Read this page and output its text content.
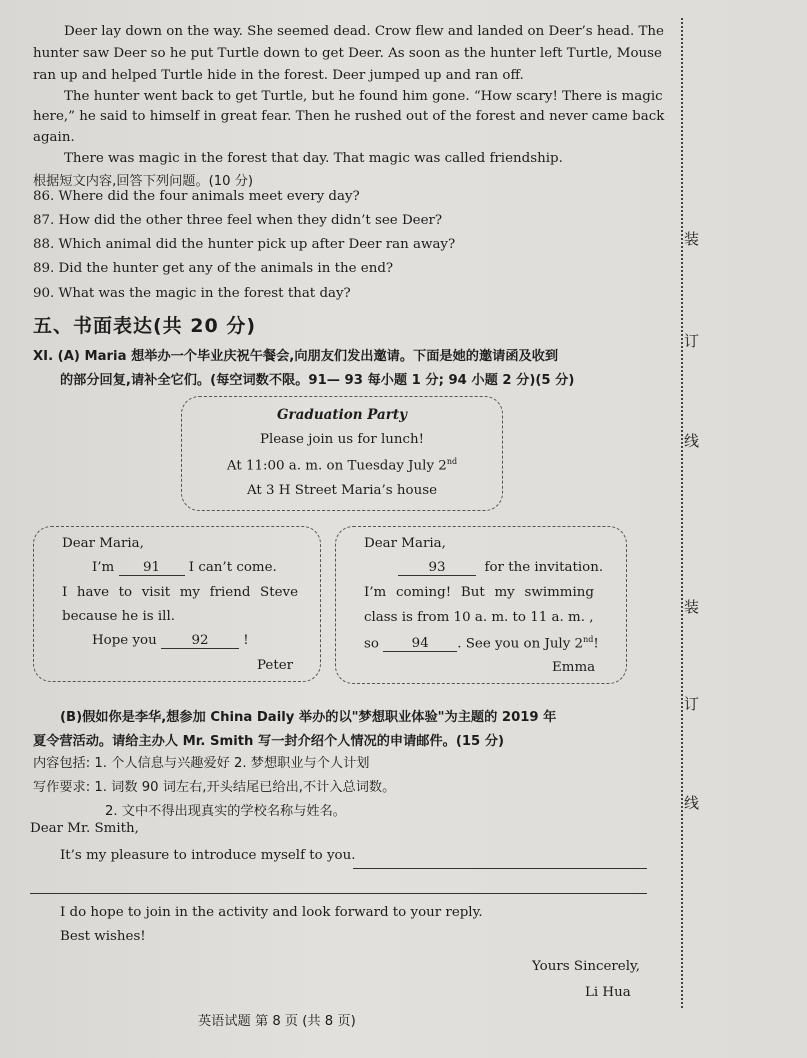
Deer lay down on the way. She seemed dead. Crow flew and landed on Deer’s head. The
hunter saw Deer so he put Turtle down to get Deer. As soon as the hunter left Turtle, Mouse
ran up and helped Turtle hide in the forest. Deer jumped up and ran off.
The hunter went back to get Turtle, but he found him gone. “How scary! There is magic
here,” he said to himself in great fear. Then he rushed out of the forest and never came back
again.
There was magic in the forest that day. That magic was called friendship.
根据短文内容,回答下列问题。(10 分)
86. Where did the four animals meet every day?
87. How did the other three feel when they didn’t see Deer?
88. Which animal did the hunter pick up after Deer ran away?
89. Did the hunter get any of the animals in the end?
90. What was the magic in the forest that day?
五、书面表达(共 20 分)
XI. (A) Maria 想举办一个毕业庆祝午餐会,向朋友们发出邀请。下面是她的邀请函及收到
的部分回复,请补全它们。(每空词数不限。91— 93 每小题 1 分; 94 小题 2 分)(5 分)
Graduation Party
Please join us for lunch!
At 11:00 a. m. on Tuesday July 2nd
At 3 H Street Maria’s house
Dear Maria,
I’m 91 I can’t come.
I have to visit my friend Steve
because he is ill.
Hope you	92	!
Peter
Dear Maria,
93	for the invitation.
I’m coming! But my swimming
class is from 10 a. m. to 11 a. m. ,
so 94 . See you on July 2nd!
Emma
(B)假如你是李华,想参加 China Daily 举办的以"梦想职业体验"为主题的 2019 年
夏令营活动。请给主办人 Mr. Smith 写一封介绍个人情况的申请邮件。(15 分)
内容包括: 1. 个人信息与兴趣爱好 2. 梦想职业与个人计划
写作要求: 1. 词数 90 词左右,开头结尾已给出,不计入总词数。
2. 文中不得出现真实的学校名称与姓名。
Dear Mr. Smith,
It’s my pleasure to introduce myself to you.
I do hope to join in the activity and look forward to your reply.
Best wishes!
Yours Sincerely,
Li Hua
英语试题 第 8 页 (共 8 页)
装
订
线
装
订
线
